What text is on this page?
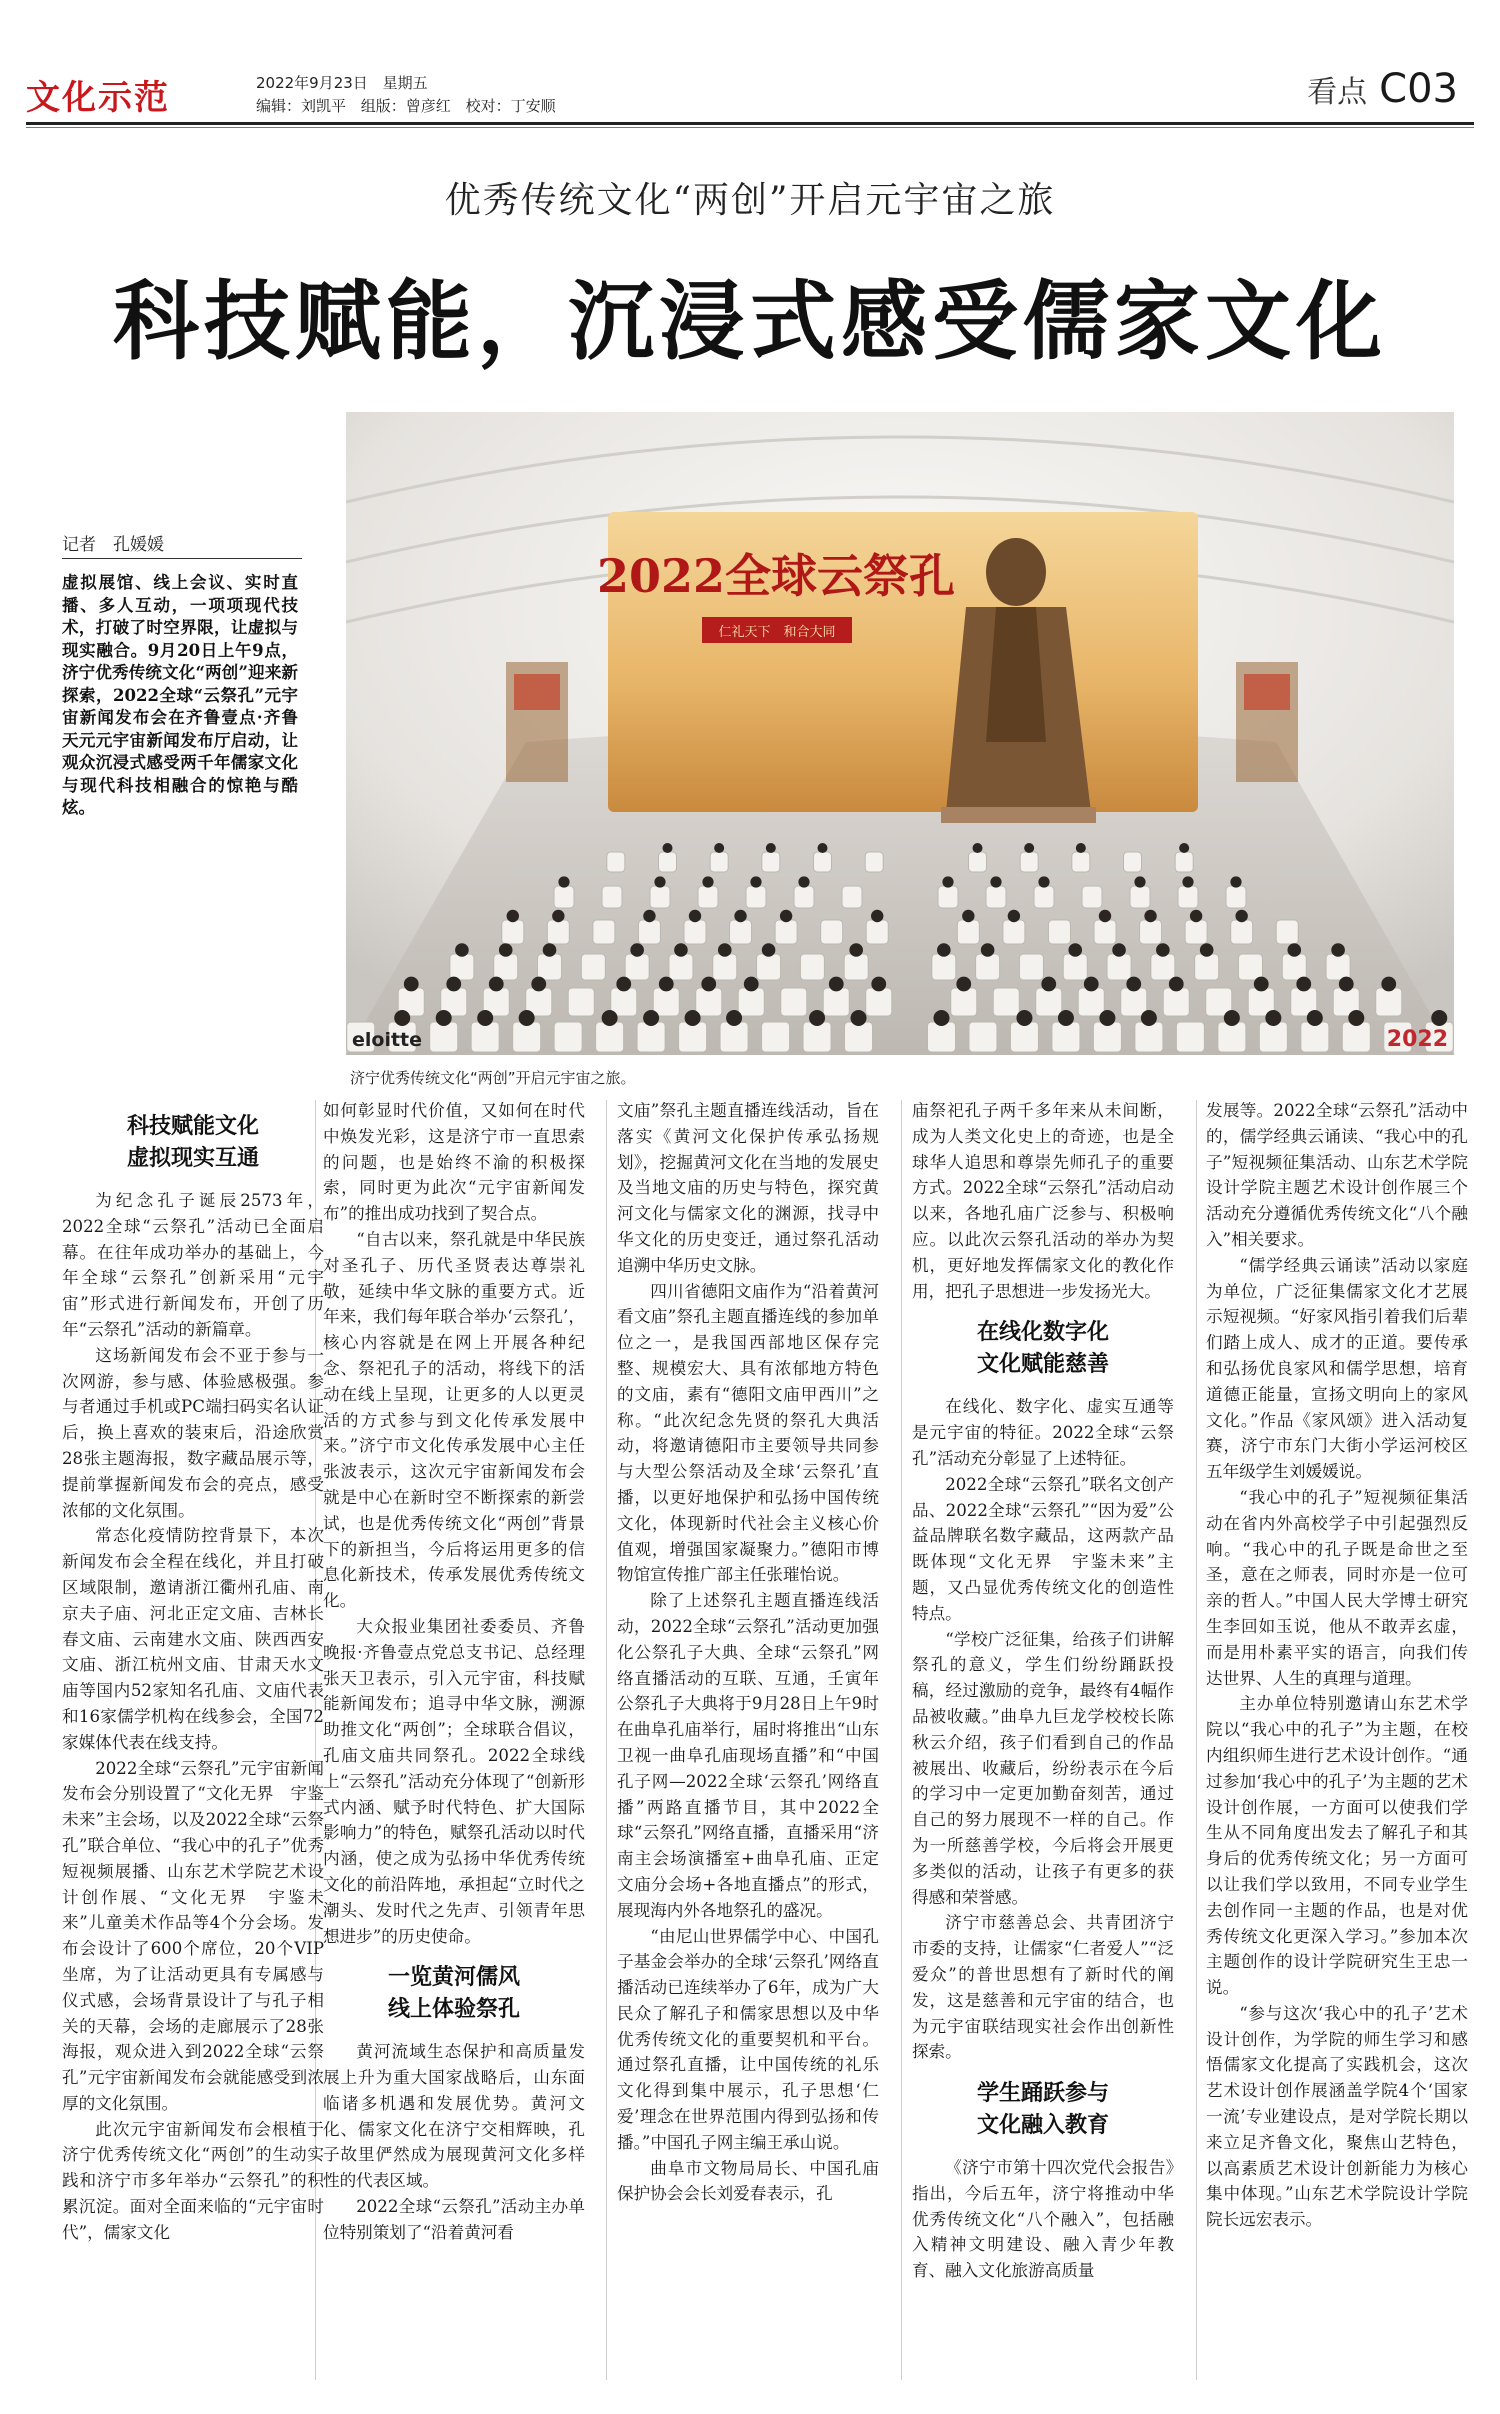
文化示范	2022年9月23日 星期五
编辑：刘凯平 组版：曾彦红 校对：丁安顺	看点 C03
优秀传统文化“两创”开启元宇宙之旅
科技赋能，沉浸式感受儒家文化
记者　孔媛媛
虚拟展馆、线上会议、实时直播、多人互动，一项项现代技术，打破了时空界限，让虚拟与现实融合。9月20日上午9点，济宁优秀传统文化“两创”迎来新探索，2022全球“云祭孔”元宇宙新闻发布会在齐鲁壹点·齐鲁天元元宇宙新闻发布厅启动，让观众沉浸式感受两千年儒家文化与现代科技相融合的惊艳与酷炫。
2022全球云祭孔
仁礼天下　和合大同
eloitte	2022
济宁优秀传统文化“两创”开启元宇宙之旅。
科技赋能文化
虚拟现实互通

为纪念孔子诞辰2573年，2022全球“云祭孔”活动已全面启幕。在往年成功举办的基础上，今年全球“云祭孔”创新采用“元宇宙”形式进行新闻发布，开创了历年“云祭孔”活动的新篇章。

这场新闻发布会不亚于参与一次网游，参与感、体验感极强。参与者通过手机或PC端扫码实名认证后，换上喜欢的装束后，沿途欣赏28张主题海报，数字藏品展示等，提前掌握新闻发布会的亮点，感受浓郁的文化氛围。

常态化疫情防控背景下，本次新闻发布会全程在线化，并且打破区域限制，邀请浙江衢州孔庙、南京夫子庙、河北正定文庙、吉林长春文庙、云南建水文庙、陕西西安文庙、浙江杭州文庙、甘肃天水文庙等国内52家知名孔庙、文庙代表和16家儒学机构在线参会，全国72家媒体代表在线支持。

2022全球“云祭孔”元宇宙新闻发布会分别设置了“文化无界　宇鉴未来”主会场，以及2022全球“云祭孔”联合单位、“我心中的孔子”优秀短视频展播、山东艺术学院艺术设计创作展、“文化无界　宇鉴未来”儿童美术作品等4个分会场。发布会设计了600个席位，20个VIP坐席，为了让活动更具有专属感与仪式感，会场背景设计了与孔子相关的天幕，会场的走廊展示了28张海报，观众进入到2022全球“云祭孔”元宇宙新闻发布会就能感受到浓厚的文化氛围。

此次元宇宙新闻发布会根植于济宁优秀传统文化“两创”的生动实践和济宁市多年举办“云祭孔”的积累沉淀。面对全面来临的“元宇宙时代”，儒家文化

如何彰显时代价值，又如何在时代中焕发光彩，这是济宁市一直思索的问题，也是始终不渝的积极探索，同时更为此次“元宇宙新闻发布”的推出成功找到了契合点。

“自古以来，祭孔就是中华民族对圣孔子、历代圣贤表达尊崇礼敬，延续中华文脉的重要方式。近年来，我们每年联合举办‘云祭孔’，核心内容就是在网上开展各种纪念、祭祀孔子的活动，将线下的活动在线上呈现，让更多的人以更灵活的方式参与到文化传承发展中来。”济宁市文化传承发展中心主任张波表示，这次元宇宙新闻发布会就是中心在新时空不断探索的新尝试，也是优秀传统文化“两创”背景下的新担当，今后将运用更多的信息化新技术，传承发展优秀传统文化。

大众报业集团社委委员、齐鲁晚报·齐鲁壹点党总支书记、总经理张天卫表示，引入元宇宙，科技赋能新闻发布；追寻中华文脉，溯源助推文化“两创”；全球联合倡议，孔庙文庙共同祭孔。2022全球线上“云祭孔”活动充分体现了“创新形式内涵、赋予时代特色、扩大国际影响力”的特色，赋祭孔活动以时代内涵，使之成为弘扬中华优秀传统文化的前沿阵地，承担起“立时代之潮头、发时代之先声、引领青年思想进步”的历史使命。

一览黄河儒风
线上体验祭孔

黄河流域生态保护和高质量发展上升为重大国家战略后，山东面临诸多机遇和发展优势。黄河文化、儒家文化在济宁交相辉映，孔子故里俨然成为展现黄河文化多样性的代表区域。

2022全球“云祭孔”活动主办单位特别策划了“沿着黄河看

文庙”祭孔主题直播连线活动，旨在落实《黄河文化保护传承弘扬规划》，挖掘黄河文化在当地的发展史及当地文庙的历史与特色，探究黄河文化与儒家文化的渊源，找寻中华文化的历史变迁，通过祭孔活动追溯中华历史文脉。

四川省德阳文庙作为“沿着黄河看文庙”祭孔主题直播连线的参加单位之一，是我国西部地区保存完整、规模宏大、具有浓郁地方特色的文庙，素有“德阳文庙甲西川”之称。“此次纪念先贤的祭孔大典活动，将邀请德阳市主要领导共同参与大型公祭活动及全球‘云祭孔’直播，以更好地保护和弘扬中国传统文化，体现新时代社会主义核心价值观，增强国家凝聚力。”德阳市博物馆宣传推广部主任张璀怡说。

除了上述祭孔主题直播连线活动，2022全球“云祭孔”活动更加强化公祭孔子大典、全球“云祭孔”网络直播活动的互联、互通，壬寅年公祭孔子大典将于9月28日上午9时在曲阜孔庙举行，届时将推出“山东卫视一曲阜孔庙现场直播”和“中国孔子网—2022全球‘云祭孔’网络直播”两路直播节目，其中2022全球“云祭孔”网络直播，直播采用“济南主会场演播室+曲阜孔庙、正定文庙分会场+各地直播点”的形式，展现海内外各地祭孔的盛况。

“由尼山世界儒学中心、中国孔子基金会举办的全球‘云祭孔’网络直播活动已连续举办了6年，成为广大民众了解孔子和儒家思想以及中华优秀传统文化的重要契机和平台。通过祭孔直播，让中国传统的礼乐文化得到集中展示，孔子思想‘仁爱’理念在世界范围内得到弘扬和传播。”中国孔子网主编王承山说。

曲阜市文物局局长、中国孔庙保护协会会长刘爱春表示，孔

庙祭祀孔子两千多年来从未间断，成为人类文化史上的奇迹，也是全球华人追思和尊崇先师孔子的重要方式。2022全球“云祭孔”活动启动以来，各地孔庙广泛参与、积极响应。以此次云祭孔活动的举办为契机，更好地发挥儒家文化的教化作用，把孔子思想进一步发扬光大。

在线化数字化
文化赋能慈善

在线化、数字化、虚实互通等是元宇宙的特征。2022全球“云祭孔”活动充分彰显了上述特征。

2022全球“云祭孔”联名文创产品、2022全球“云祭孔”“因为爱”公益品牌联名数字藏品，这两款产品既体现“文化无界　宇鉴未来”主题，又凸显优秀传统文化的创造性特点。

“学校广泛征集，给孩子们讲解祭孔的意义，学生们纷纷踊跃投稿，经过激励的竞争，最终有4幅作品被收藏。”曲阜九巨龙学校校长陈秋云介绍，孩子们看到自己的作品被展出、收藏后，纷纷表示在今后的学习中一定更加勤奋刻苦，通过自己的努力展现不一样的自己。作为一所慈善学校，今后将会开展更多类似的活动，让孩子有更多的获得感和荣誉感。

济宁市慈善总会、共青团济宁市委的支持，让儒家“仁者爱人”“泛爱众”的普世思想有了新时代的阐发，这是慈善和元宇宙的结合，也为元宇宙联结现实社会作出创新性探索。

学生踊跃参与
文化融入教育

《济宁市第十四次党代会报告》指出，今后五年，济宁将推动中华优秀传统文化“八个融入”，包括融入精神文明建设、融入青少年教育、融入文化旅游高质量

发展等。2022全球“云祭孔”活动中的，儒学经典云诵读、“我心中的孔子”短视频征集活动、山东艺术学院设计学院主题艺术设计创作展三个活动充分遵循优秀传统文化“八个融入”相关要求。

“儒学经典云诵读”活动以家庭为单位，广泛征集儒家文化才艺展示短视频。“好家风指引着我们后辈们踏上成人、成才的正道。要传承和弘扬优良家风和儒学思想，培育道德正能量，宣扬文明向上的家风文化。”作品《家风颂》进入活动复赛，济宁市东门大街小学运河校区五年级学生刘媛媛说。

“我心中的孔子”短视频征集活动在省内外高校学子中引起强烈反响。“我心中的孔子既是命世之至圣，意在之师表，同时亦是一位可亲的哲人。”中国人民大学博士研究生李回如玉说，他从不敢弄玄虚，而是用朴素平实的语言，向我们传达世界、人生的真理与道理。

主办单位特别邀请山东艺术学院以“我心中的孔子”为主题，在校内组织师生进行艺术设计创作。“通过参加‘我心中的孔子’为主题的艺术设计创作展，一方面可以使我们学生从不同角度出发去了解孔子和其身后的优秀传统文化；另一方面可以让我们学以致用，不同专业学生去创作同一主题的作品，也是对优秀传统文化更深入学习。”参加本次主题创作的设计学院研究生王忠一说。

“参与这次‘我心中的孔子’艺术设计创作，为学院的师生学习和感悟儒家文化提高了实践机会，这次艺术设计创作展涵盖学院4个‘国家一流’专业建设点，是对学院长期以来立足齐鲁文化，聚焦山艺特色，以高素质艺术设计创新能力为核心集中体现。”山东艺术学院设计学院院长远宏表示。
